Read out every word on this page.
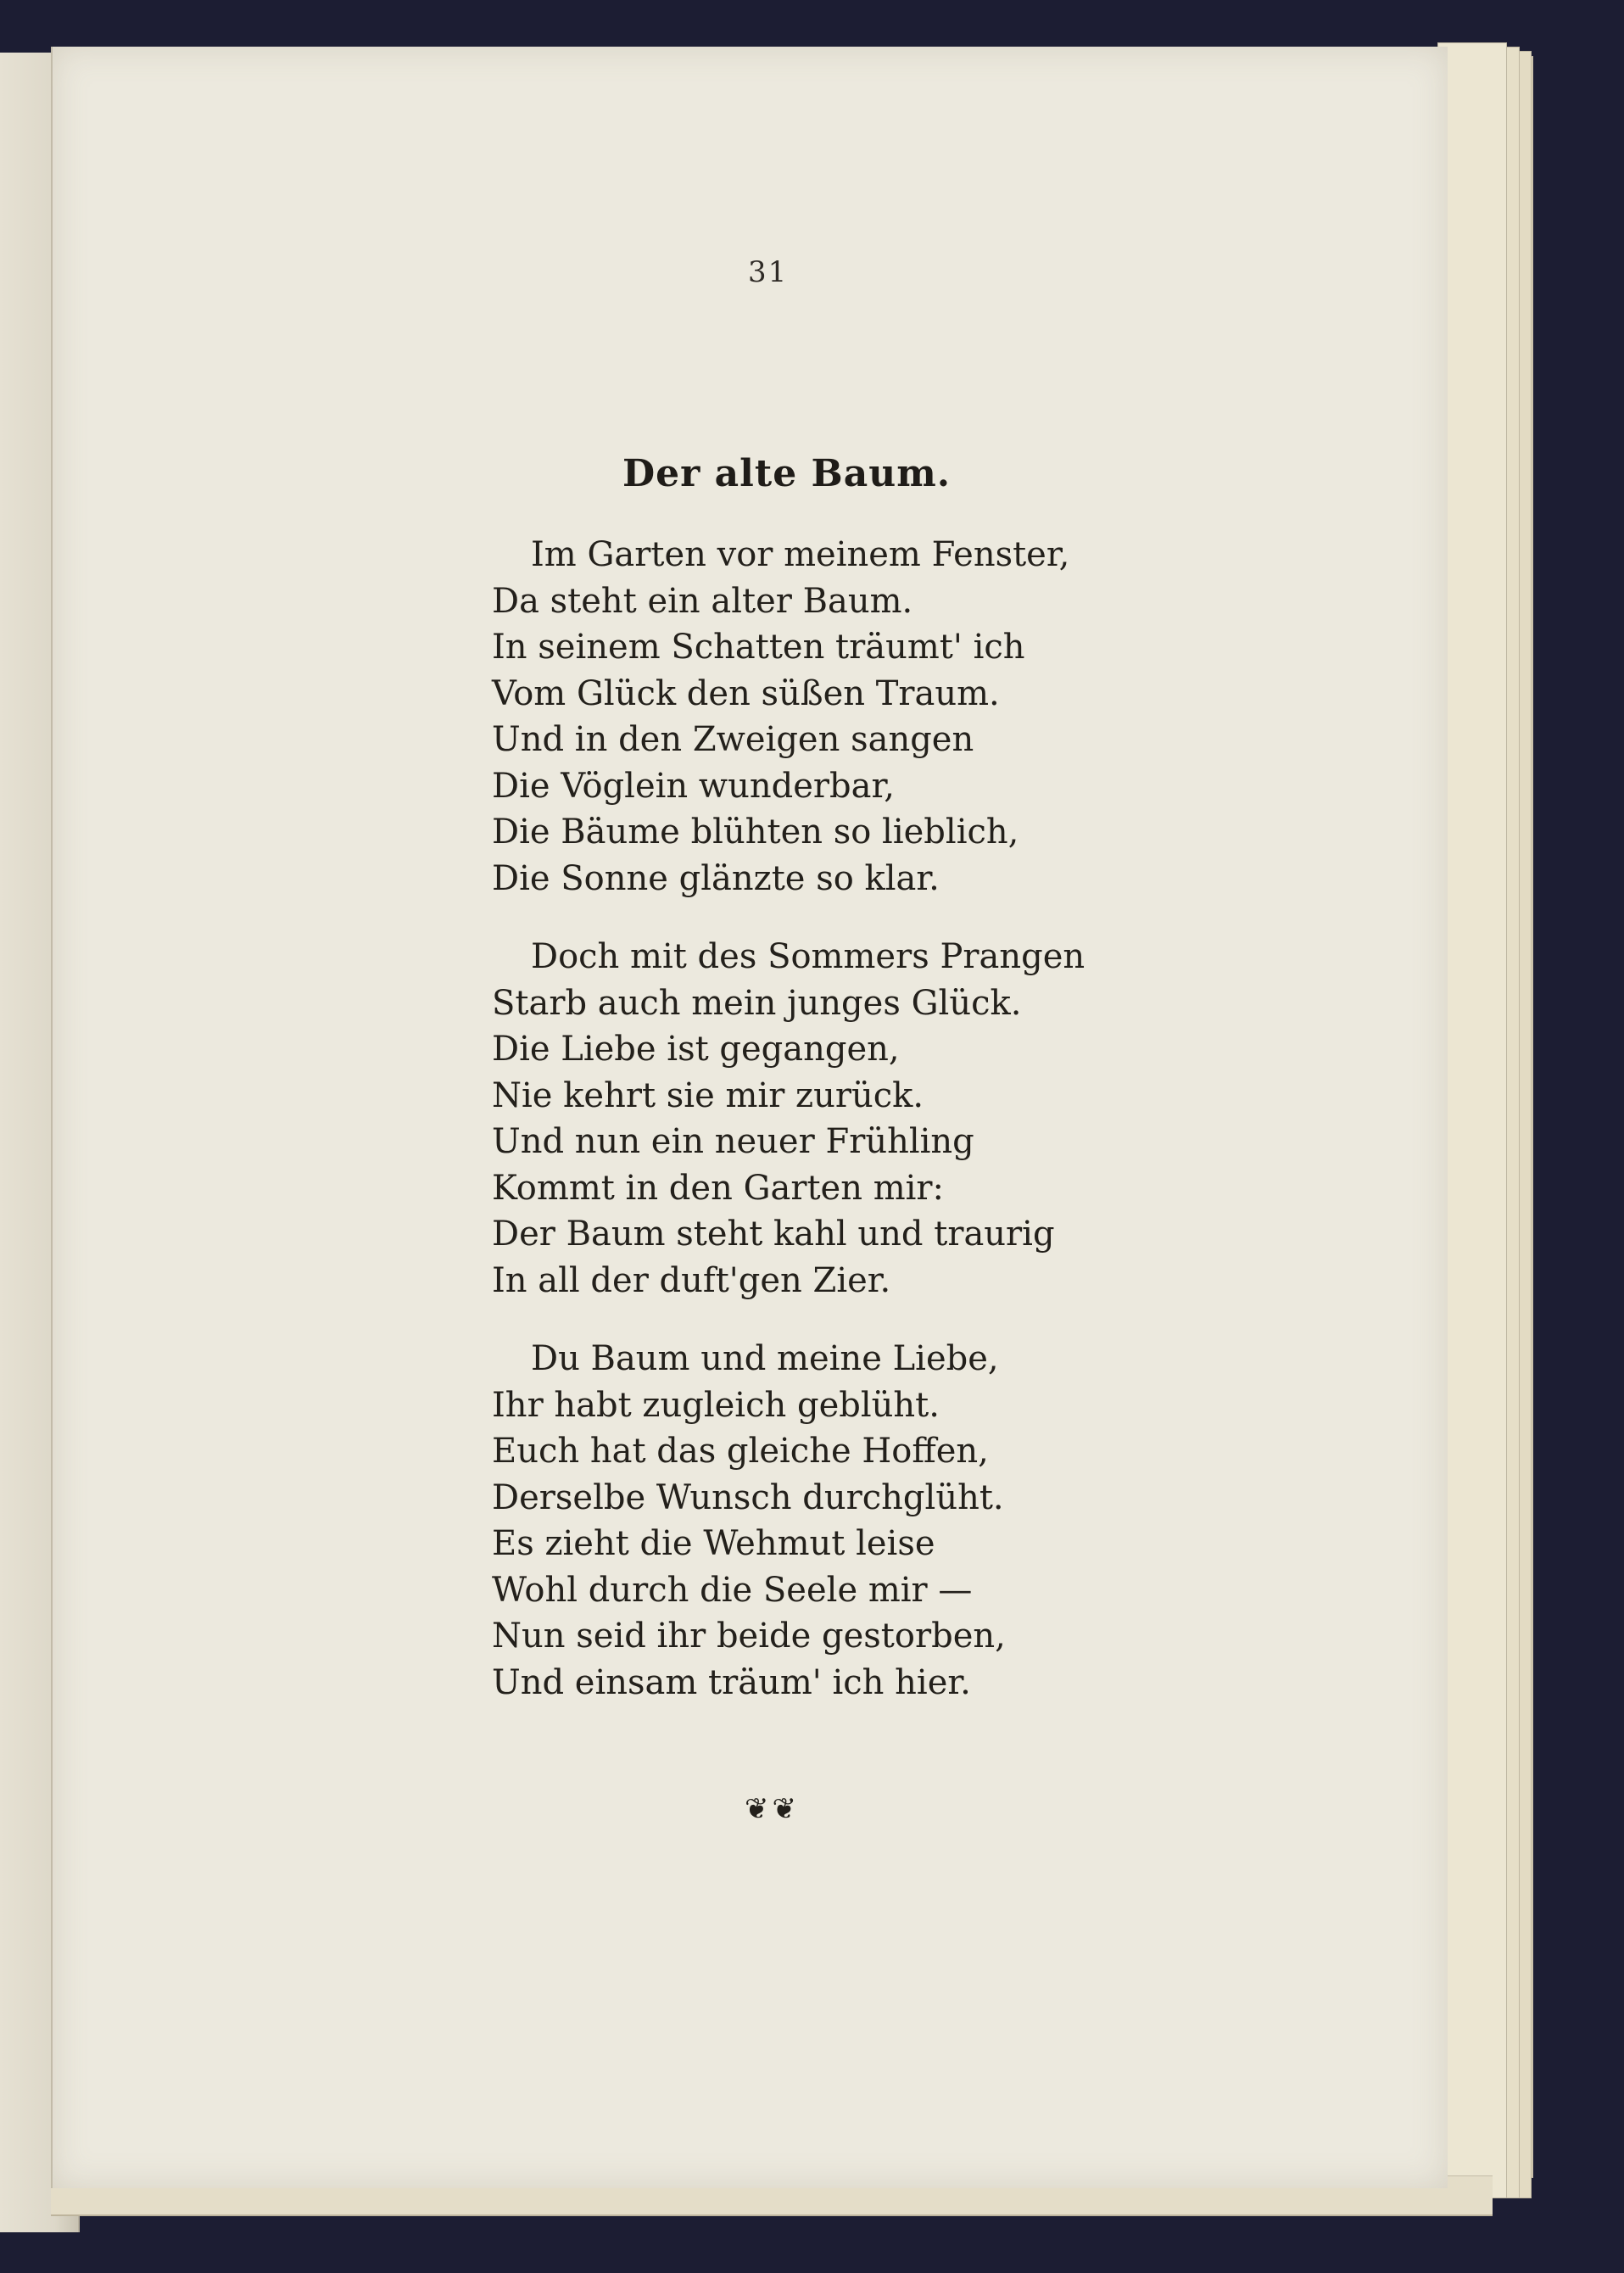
31
Der alte Baum.
Im Garten vor meinem Fenster,
Da steht ein alter Baum.
In seinem Schatten träumt' ich
Vom Glück den süßen Traum.
Und in den Zweigen sangen
Die Vöglein wunderbar,
Die Bäume blühten so lieblich,
Die Sonne glänzte so klar.
Doch mit des Sommers Prangen
Starb auch mein junges Glück.
Die Liebe ist gegangen,
Nie kehrt sie mir zurück.
Und nun ein neuer Frühling
Kommt in den Garten mir:
Der Baum steht kahl und traurig
In all der duft'gen Zier.
Du Baum und meine Liebe,
Ihr habt zugleich geblüht.
Euch hat das gleiche Hoffen,
Derselbe Wunsch durchglüht.
Es zieht die Wehmut leise
Wohl durch die Seele mir —
Nun seid ihr beide gestorben,
Und einsam träum' ich hier.
❦❦
